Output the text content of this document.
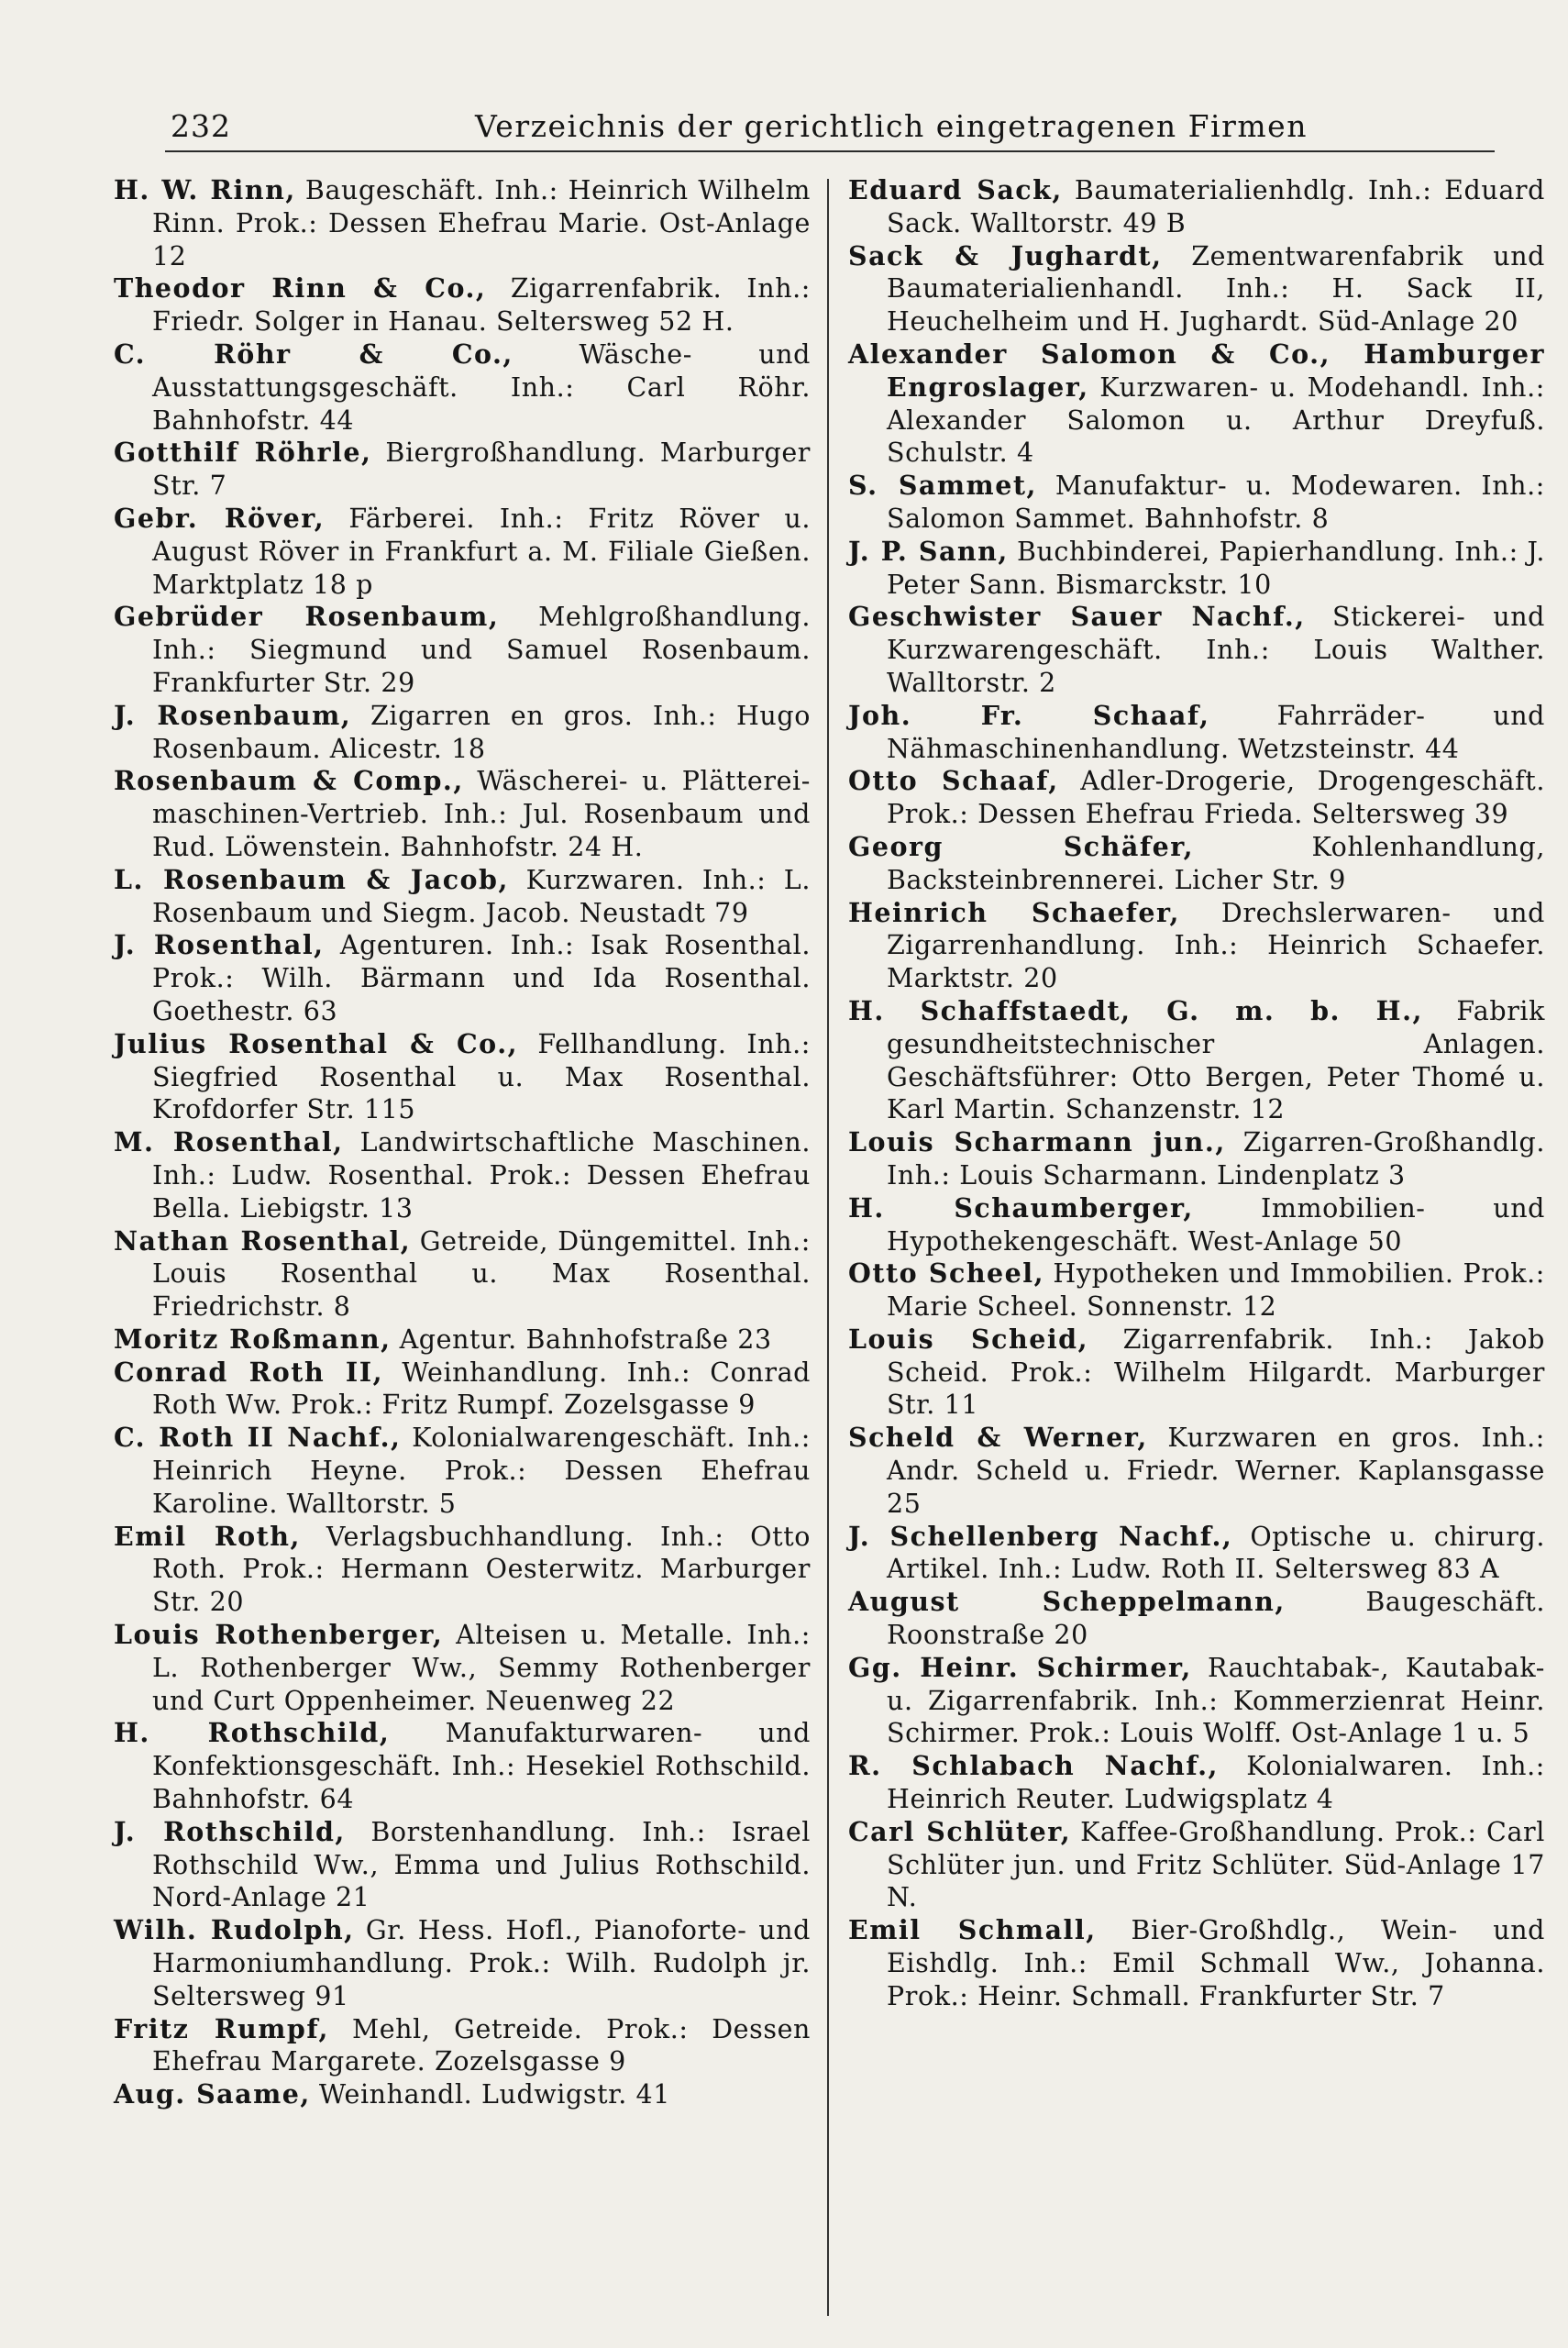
232	Verzeichnis der gerichtlich eingetragenen Firmen
H. W. Rinn, Baugeschäft. Inh.: Heinrich Wilhelm Rinn. Prok.: Dessen Ehefrau Marie. Ost-Anlage 12
Theodor Rinn & Co., Zigarrenfabrik. Inh.: Friedr. Solger in Hanau. Seltersweg 52 H.
C. Röhr & Co.,	Wäsche- und Ausstattungsgeschäft. Inh.: Carl Röhr. Bahnhofstr. 44
Gotthilf Röhrle, Biergroßhandlung. Marburger Str. 7
Gebr. Röver, Färberei. Inh.: Fritz Röver u. August Röver in Frankfurt a. M. Filiale Gießen. Marktplatz 18 p
Gebrüder Rosenbaum, Mehlgroßhandlung. Inh.: Siegmund und Samuel Rosenbaum. Frankfurter Str. 29
J. Rosenbaum, Zigarren en gros. Inh.: Hugo Rosenbaum. Alicestr. 18
Rosenbaum & Comp., Wäscherei- u. Plätterei-maschinen-Vertrieb. Inh.: Jul. Rosenbaum und Rud. Löwenstein. Bahnhofstr. 24 H.
L. Rosenbaum & Jacob, Kurzwaren. Inh.: L. Rosenbaum und Siegm. Jacob. Neustadt 79
J. Rosenthal, Agenturen. Inh.: Isak Rosenthal. Prok.: Wilh. Bärmann und Ida Rosenthal. Goethestr. 63
Julius Rosenthal & Co., Fellhandlung. Inh.: Siegfried Rosenthal u. Max Rosenthal. Krofdorfer Str. 115
M. Rosenthal, Landwirtschaftliche Maschinen. Inh.: Ludw. Rosenthal. Prok.: Dessen Ehefrau Bella. Liebigstr. 13
Nathan Rosenthal, Getreide, Düngemittel. Inh.: Louis Rosenthal u. Max Rosenthal. Friedrichstr. 8
Moritz Roßmann, Agentur. Bahnhofstraße 23
Conrad Roth II, Weinhandlung. Inh.: Conrad Roth Ww. Prok.: Fritz Rumpf. Zozelsgasse 9
C. Roth II Nachf., Kolonialwarengeschäft. Inh.: Heinrich Heyne. Prok.: Dessen Ehefrau Karoline. Walltorstr. 5
Emil Roth, Verlagsbuchhandlung. Inh.: Otto Roth. Prok.: Hermann Oesterwitz. Marburger Str. 20
Louis Rothenberger, Alteisen u. Metalle. Inh.: L. Rothenberger Ww., Semmy Rothenberger und Curt Oppenheimer. Neuenweg 22
H. Rothschild, Manufakturwaren- und Konfektionsgeschäft. Inh.: Hesekiel Rothschild. Bahnhofstr. 64
J. Rothschild, Borstenhandlung. Inh.: Israel Rothschild Ww., Emma und Julius Rothschild. Nord-Anlage 21
Wilh. Rudolph, Gr. Hess. Hofl., Pianoforte- und Harmoniumhandlung. Prok.: Wilh. Rudolph jr. Seltersweg 91
Fritz Rumpf, Mehl, Getreide. Prok.: Dessen Ehefrau Margarete. Zozelsgasse 9
Aug. Saame, Weinhandl. Ludwigstr. 41
Eduard Sack, Baumaterialienhdlg. Inh.: Eduard Sack. Walltorstr. 49 B
Sack & Jughardt, Zementwarenfabrik und Baumaterialienhandl. Inh.: H. Sack II, Heuchelheim und H. Jughardt. Süd-Anlage 20
Alexander Salomon & Co., Hamburger Engroslager, Kurzwaren- u. Modehandl. Inh.: Alexander Salomon u. Arthur Dreyfuß. Schulstr. 4
S. Sammet, Manufaktur- u. Modewaren. Inh.: Salomon Sammet. Bahnhofstr. 8
J. P. Sann, Buchbinderei, Papierhandlung. Inh.: J. Peter Sann. Bismarckstr. 10
Geschwister Sauer Nachf., Stickerei- und Kurzwarengeschäft. Inh.: Louis Walther. Walltorstr. 2
Joh. Fr. Schaaf,	Fahrräder- und Nähmaschinenhandlung. Wetzsteinstr. 44
Otto Schaaf, Adler-Drogerie, Drogengeschäft. Prok.: Dessen Ehefrau Frieda. Seltersweg 39
Georg Schäfer,	Kohlenhandlung, Backsteinbrennerei. Licher Str. 9
Heinrich Schaefer, Drechslerwaren- und Zigarrenhandlung. Inh.: Heinrich Schaefer. Marktstr. 20
H. Schaffstaedt, G. m. b. H., Fabrik gesundheitstechnischer Anlagen. Geschäftsführer: Otto Bergen, Peter Thomé u. Karl Martin. Schanzenstr. 12
Louis Scharmann jun., Zigarren-Großhandlg. Inh.: Louis Scharmann. Lindenplatz 3
H. Schaumberger,	Immobilien- und Hypothekengeschäft. West-Anlage 50
Otto Scheel, Hypotheken und Immobilien. Prok.: Marie Scheel. Sonnenstr. 12
Louis Scheid, Zigarrenfabrik. Inh.: Jakob Scheid. Prok.: Wilhelm Hilgardt. Marburger Str. 11
Scheld & Werner, Kurzwaren en gros. Inh.: Andr. Scheld u. Friedr. Werner. Kaplansgasse 25
J. Schellenberg Nachf., Optische u. chirurg. Artikel. Inh.: Ludw. Roth II. Seltersweg 83 A
August Scheppelmann,	Baugeschäft. Roonstraße 20
Gg. Heinr. Schirmer, Rauchtabak-, Kautabak- u. Zigarrenfabrik. Inh.: Kommerzienrat Heinr. Schirmer. Prok.: Louis Wolff. Ost-Anlage 1 u. 5
R. Schlabach Nachf., Kolonialwaren. Inh.: Heinrich Reuter. Ludwigsplatz 4
Carl Schlüter, Kaffee-Großhandlung. Prok.: Carl Schlüter jun. und Fritz Schlüter. Süd-Anlage 17 N.
Emil Schmall, Bier-Großhdlg., Wein- und Eishdlg. Inh.: Emil Schmall Ww., Johanna. Prok.: Heinr. Schmall. Frankfurter Str. 7
